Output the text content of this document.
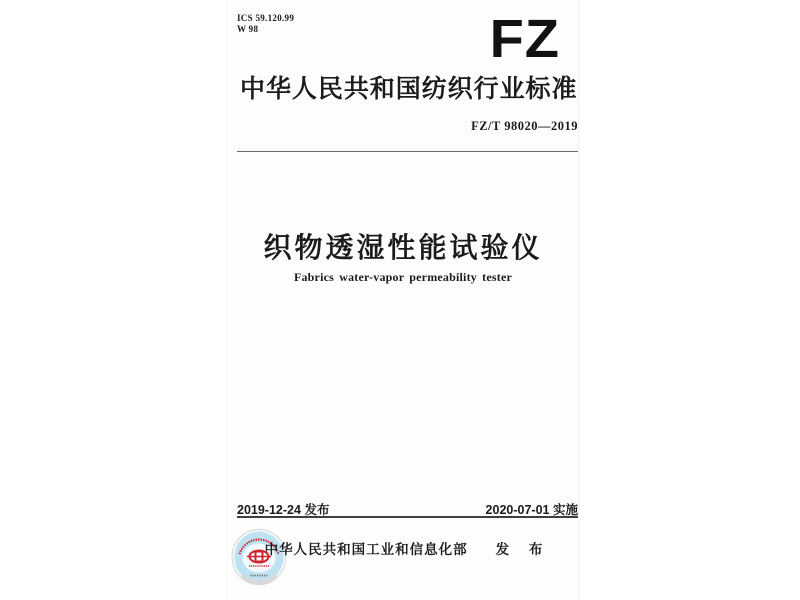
ICS 59.120.99
W 98	FZ
中华人民共和国纺织行业标准
FZ/T 98020—2019
织物透湿性能试验仪
Fabrics water-vapor permeability tester
2019-12-24 发布	2020-07-01 实施
中华人民共和国工业和信息化部 发 布
